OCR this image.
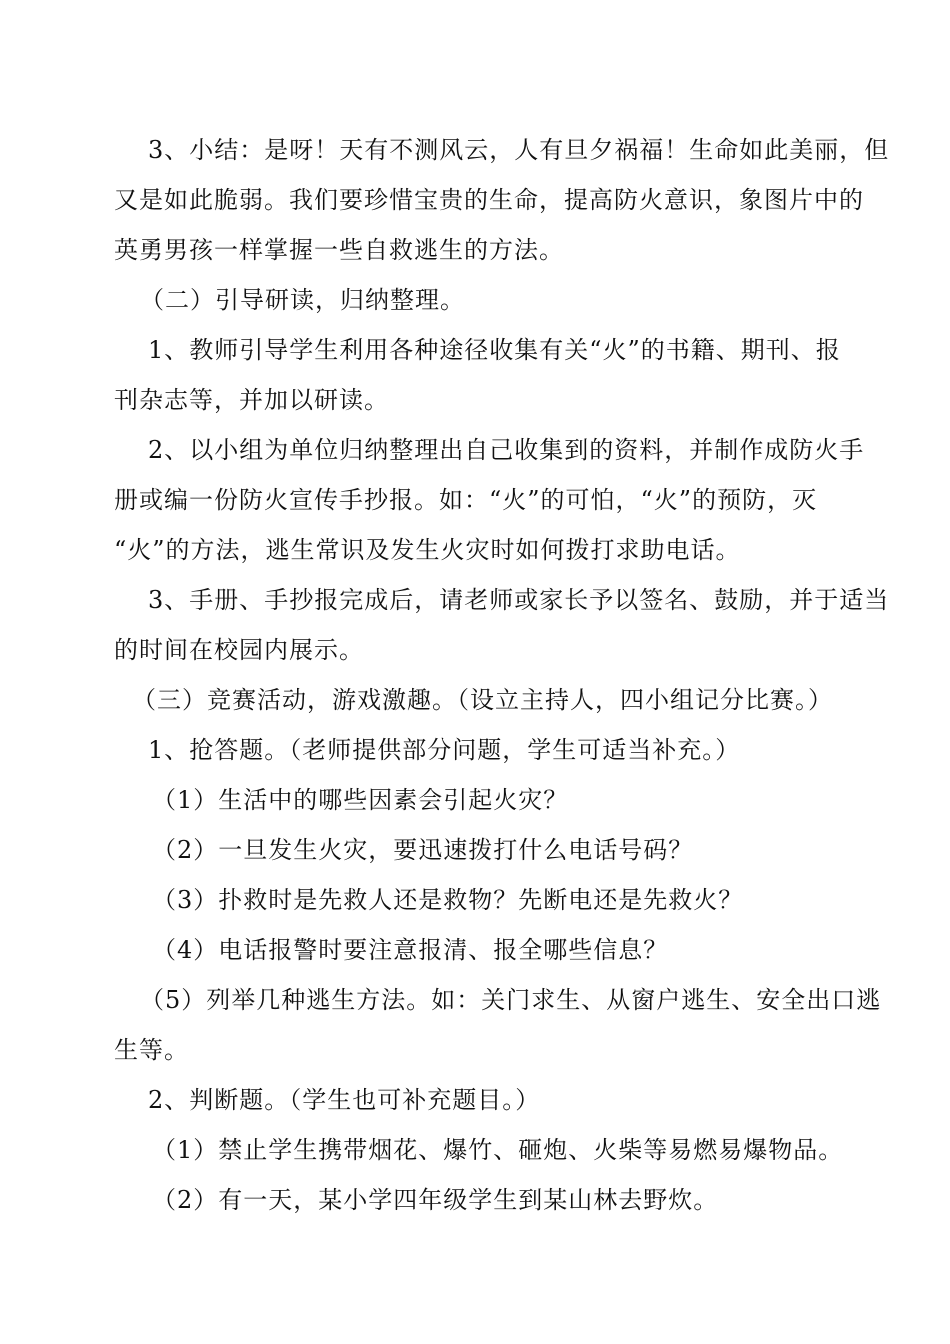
3、小结：是呀！天有不测风云，人有旦夕祸福！生命如此美丽，但
又是如此脆弱。我们要珍惜宝贵的生命，提高防火意识，象图片中的
英勇男孩一样掌握一些自救逃生的方法。
（二）引导研读，归纳整理。
1、教师引导学生利用各种途径收集有关“火”的书籍、期刊、报
刊杂志等，并加以研读。
2、以小组为单位归纳整理出自己收集到的资料，并制作成防火手
册或编一份防火宣传手抄报。如：“火”的可怕，“火”的预防，灭
“火”的方法，逃生常识及发生火灾时如何拨打求助电话。
3、手册、手抄报完成后，请老师或家长予以签名、鼓励，并于适当
的时间在校园内展示。
（三）竞赛活动，游戏激趣。（设立主持人，四小组记分比赛。）
1、抢答题。（老师提供部分问题，学生可适当补充。）
（1）生活中的哪些因素会引起火灾？
（2）一旦发生火灾，要迅速拨打什么电话号码？
（3）扑救时是先救人还是救物？先断电还是先救火？
（4）电话报警时要注意报清、报全哪些信息？
（5）列举几种逃生方法。如：关门求生、从窗户逃生、安全出口逃
生等。
2、判断题。（学生也可补充题目。）
（1）禁止学生携带烟花、爆竹、砸炮、火柴等易燃易爆物品。
（2）有一天，某小学四年级学生到某山林去野炊。
